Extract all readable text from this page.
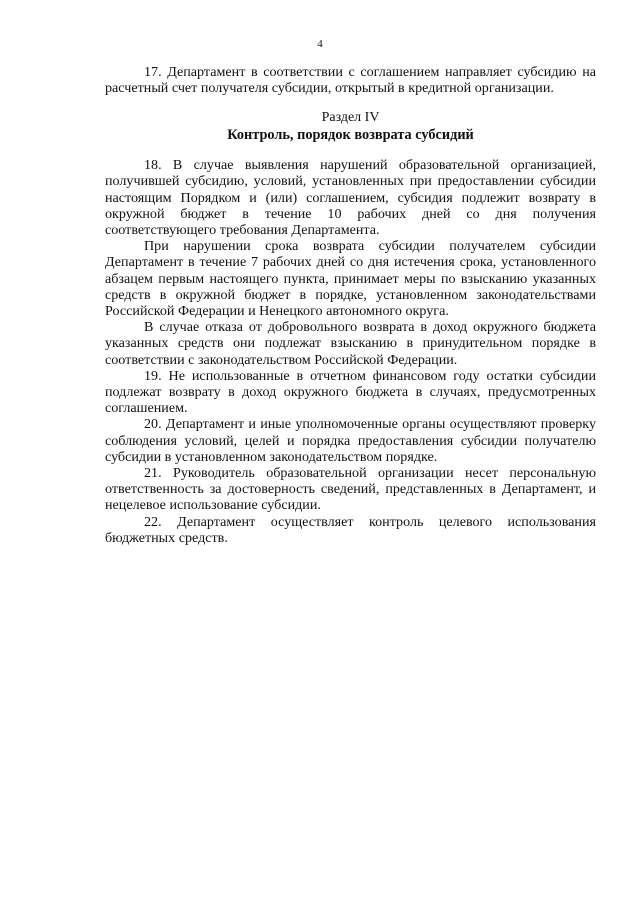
4

17. Департамент в соответствии с соглашением направляет субсидию на расчетный счет получателя субсидии, открытый в кредитной организации.

Раздел IV
Контроль, порядок возврата субсидий

18. В случае выявления нарушений образовательной организацией, получившей субсидию, условий, установленных при предоставлении субсидии настоящим Порядком и (или) соглашением, субсидия подлежит возврату в окружной бюджет в течение 10 рабочих дней со дня получения соответствующего требования Департамента.

При нарушении срока возврата субсидии получателем субсидии Департамент в течение 7 рабочих дней со дня истечения срока, установленного абзацем первым настоящего пункта, принимает меры по взысканию указанных средств в окружной бюджет в порядке, установленном законодательствами Российской Федерации и Ненецкого автономного округа.

В случае отказа от добровольного возврата в доход окружного бюджета указанных средств они подлежат взысканию в принудительном порядке в соответствии с законодательством Российской Федерации.

19. Не использованные в отчетном финансовом году остатки субсидии подлежат возврату в доход окружного бюджета в случаях, предусмотренных соглашением.

20. Департамент и иные уполномоченные органы осуществляют проверку соблюдения условий, целей и порядка предоставления субсидии получателю субсидии в установленном законодательством порядке.

21. Руководитель образовательной организации несет персональную ответственность за достоверность сведений, представленных в Департамент, и нецелевое использование субсидии.

22. Департамент осуществляет контроль целевого использования бюджетных средств.
